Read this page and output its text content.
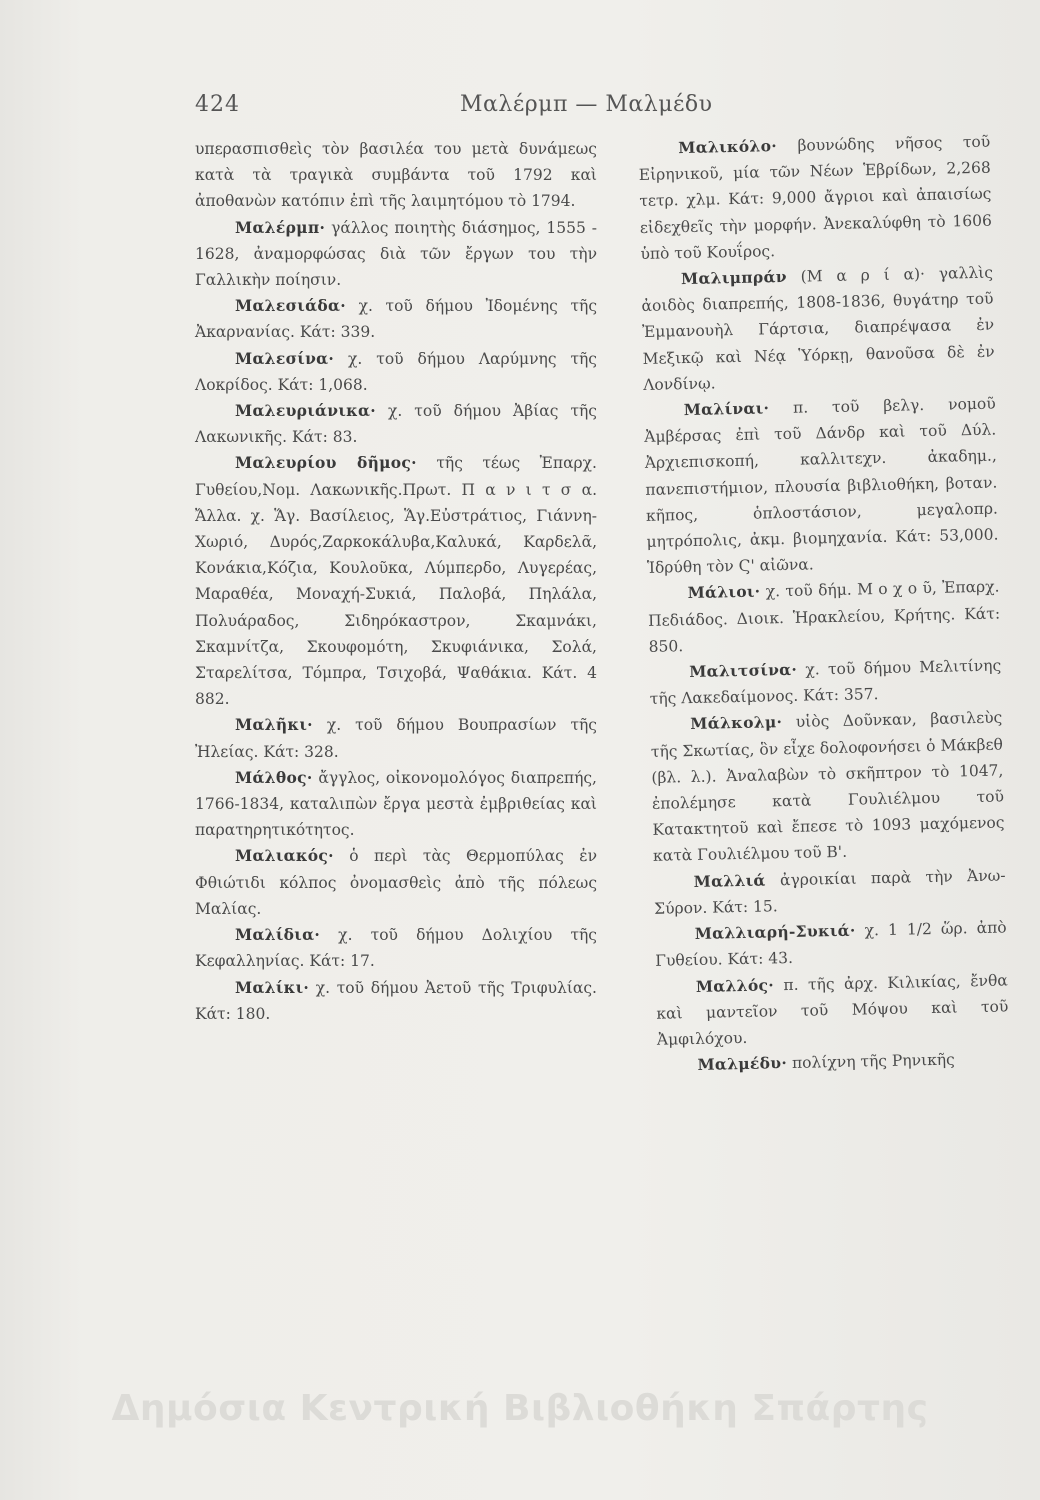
424	Μαλέρμπ — Μαλμέδυ

υπερασπισθεὶς τὸν βασιλέα του μετὰ δυνάμεως κατὰ τὰ τραγικὰ συμβάντα τοῦ 1792 καὶ ἀποθανὼν κατόπιν ἐπὶ τῆς λαιμητόμου τὸ 1794.

Μαλέρμπ· γάλλος ποιητὴς διάσημος, 1555 - 1628, ἀναμορφώσας διὰ τῶν ἔργων του τὴν Γαλλικὴν ποίησιν.

Μαλεσιάδα· χ. τοῦ δήμου Ἰδομένης τῆς Ἀκαρνανίας. Κάτ: 339.

Μαλεσίνα· χ. τοῦ δήμου Λαρύμνης τῆς Λοκρίδος. Κάτ: 1,068.

Μαλευριάνικα· χ. τοῦ δήμου Ἀβίας τῆς Λακωνικῆς. Κάτ: 83.

Μαλευρίου δῆμος· τῆς τέως Ἐπαρχ. Γυθείου,Νομ. Λακωνικῆς.Πρωτ. Π α ν ι τ σ α. Ἄλλα. χ. Ἅγ. Βασίλειος, Ἅγ.Εὐστράτιος, Γιάννη-Χωριό, Δυρός,Ζαρκοκάλυβα,Καλυκά, Καρδελᾶ, Κονάκια,Κόζια, Κουλοῦκα, Λύμπερδο, Λυγερέας, Μαραθέα, Μοναχή-Συκιά, Παλοβά, Πηλάλα, Πολυάραδος, Σιδηρόκαστρον, Σκαμνάκι, Σκαμνίτζα, Σκουφομότη, Σκυφιάνικα, Σολά, Σταρελίτσα, Τόμπρα, Τσιχοβά, Ψαθάκια. Κάτ. 4 882.

Μαλῆκι· χ. τοῦ δήμου Βουπρασίων τῆς Ἠλείας. Κάτ: 328.

Μάλθος· ἄγγλος, οἰκονομολόγος διαπρεπής, 1766-1834, καταλιπὼν ἔργα μεστὰ ἐμβριθείας καὶ παρατηρητικότητος.

Μαλιακός· ὁ περὶ τὰς Θερμοπύλας ἐν Φθιώτιδι κόλπος ὀνομασθεὶς ἀπὸ τῆς πόλεως Μαλίας.

Μαλίδια· χ. τοῦ δήμου Δολιχίου τῆς Κεφαλληνίας. Κάτ: 17.

Μαλίκι· χ. τοῦ δήμου Ἀετοῦ τῆς Τριφυλίας. Κάτ: 180.

Μαλικόλο· βουνώδης νῆσος τοῦ Εἰρηνικοῦ, μία τῶν Νέων Ἑβρίδων, 2,268 τετρ. χλμ. Κάτ: 9,000 ἄγριοι καὶ ἀπαισίως εἰδεχθεῖς τὴν μορφήν. Ἀνεκαλύφθη τὸ 1606 ὑπὸ τοῦ Κουΐρος.

Μαλιμπράν (Μ α ρ ί α)· γαλλὶς ἀοιδὸς διαπρεπής, 1808-1836, θυγάτηρ τοῦ Ἐμμανουὴλ Γάρτσια, διαπρέψασα ἐν Μεξικῷ καὶ Νέᾳ Ὑόρκῃ, θανοῦσα δὲ ἐν Λονδίνῳ.

Μαλίναι· π. τοῦ βελγ. νομοῦ Ἀμβέρσας ἐπὶ τοῦ Δάνδρ καὶ τοῦ Δύλ. Ἀρχιεπισκοπή, καλλιτεχν. ἀκαδημ., πανεπιστήμιον, πλουσία βιβλιοθήκη, βοταν. κῆπος, ὁπλοστάσιον, μεγαλοπρ. μητρόπολις, ἀκμ. βιομηχανία. Κάτ: 53,000. Ἱδρύθη τὸν Ϛ' αἰῶνα.

Μάλιοι· χ. τοῦ δήμ. Μ ο χ ο ῦ, Ἐπαρχ. Πεδιάδος. Διοικ. Ἡρακλείου, Κρήτης. Κάτ: 850.

Μαλιτσίνα· χ. τοῦ δήμου Μελιτίνης τῆς Λακεδαίμονος. Κάτ: 357.

Μάλκολμ· υἱὸς Δοῦνκαν, βασιλεὺς τῆς Σκωτίας, ὃν εἶχε δολοφονήσει ὁ Μάκβεθ (βλ. λ.). Ἀναλαβὼν τὸ σκῆπτρον τὸ 1047, ἐπολέμησε κατὰ Γουλιέλμου τοῦ Κατακτητοῦ καὶ ἔπεσε τὸ 1093 μαχόμενος κατὰ Γουλιέλμου τοῦ Β'.

Μαλλιά ἀγροικίαι παρὰ τὴν Ἀνω-Σύρον. Κάτ: 15.

Μαλλιαρή-Συκιά· χ. 1 1/2 ὥρ. ἀπὸ Γυθείου. Κάτ: 43.

Μαλλός· π. τῆς ἀρχ. Κιλικίας, ἔνθα καὶ μαντεῖον τοῦ Μόψου καὶ τοῦ Ἀμφιλόχου.

Μαλμέδυ· πολίχνη τῆς Ρηνικῆς

Δημόσια Κεντρική Βιβλιοθήκη Σπάρτης
